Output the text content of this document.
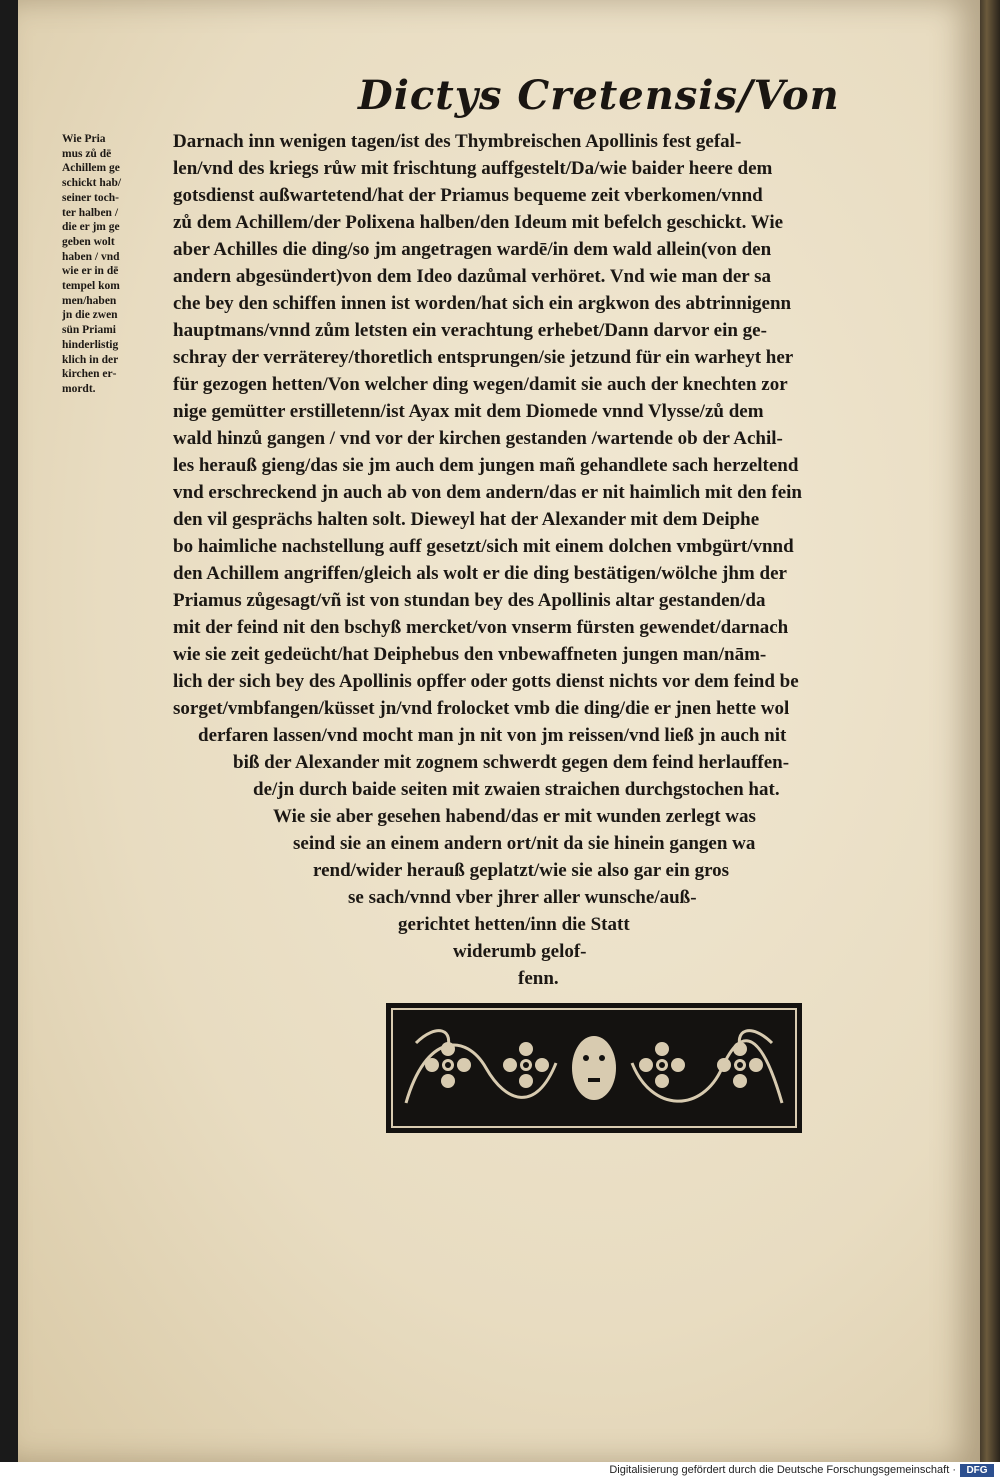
Dictys Cretensis/Von
Wie Pria
mus zů dē
Achillem ge
schickt hab/
seiner toch‑
ter halben /
die er jm ge
geben wolt
haben / vnd
wie er in dē
tempel kom
men/haben
jn die zwen
sün Priami
hinderlistig
klich in der
kirchen er‑
mordt.
Darnach inn wenigen tagen/ist des Thymbreischen Apollinis fest gefal‑
len/vnd des kriegs růw mit frischtung auffgestelt/Da/wie baider heere dem
gotsdienst außwartetend/hat der Priamus bequeme zeit vberkomen/vnnd
zů dem Achillem/der Polixena halben/den Ideum mit befelch geschickt. Wie
aber Achilles die ding/so jm angetragen wardē/in dem wald allein(von den
andern abgesündert)von dem Ideo dazůmal verhöret. Vnd wie man der sa
che bey den schiffen innen ist worden/hat sich ein argkwon des abtrinnigenn
hauptmans/vnnd zům letsten ein verachtung erhebet/Dann darvor ein ge‑
schray der verräterey/thoretlich entsprungen/sie jetzund für ein warheyt her
für gezogen hetten/Von welcher ding wegen/damit sie auch der knechten zor
nige gemütter erstilletenn/ist Ayax mit dem Diomede vnnd Vlysse/zů dem
wald hinzů gangen / vnd vor der kirchen gestanden /wartende ob der Achil‑
les herauß gieng/das sie jm auch dem jungen mañ gehandlete sach herzeltend
vnd erschreckend jn auch ab von dem andern/das er nit haimlich mit den fein
den vil gesprächs halten solt. Dieweyl hat der Alexander mit dem Deiphe
bo haimliche nachstellung auff gesetzt/sich mit einem dolchen vmbgürt/vnnd
den Achillem angriffen/gleich als wolt er die ding bestätigen/wölche jhm der
Priamus zůgesagt/vñ ist von stundan bey des Apollinis altar gestanden/da
mit der feind nit den bschyß mercket/von vnserm fürsten gewendet/darnach
wie sie zeit gedeücht/hat Deiphebus den vnbewaffneten jungen man/nām‑
lich der sich bey des Apollinis opffer oder gotts dienst nichts vor dem feind be
sorget/vmbfangen/küsset jn/vnd frolocket vmb die ding/die er jnen hette wol
derfaren lassen/vnd mocht man jn nit von jm reissen/vnd ließ jn auch nit
biß der Alexander mit zognem schwerdt gegen dem feind herlauffen‑
de/jn durch baide seiten mit zwaien straichen durchgstochen hat.
Wie sie aber gesehen habend/das er mit wunden zerlegt was
seind sie an einem andern ort/nit da sie hinein gangen wa
rend/wider herauß geplatzt/wie sie also gar ein gros
se sach/vnnd vber jhrer aller wunsche/auß‑
gerichtet hetten/inn die Statt
widerumb gelof‑
fenn.
Digitalisierung gefördert durch die Deutsche Forschungsgemeinschaft ·	DFG
